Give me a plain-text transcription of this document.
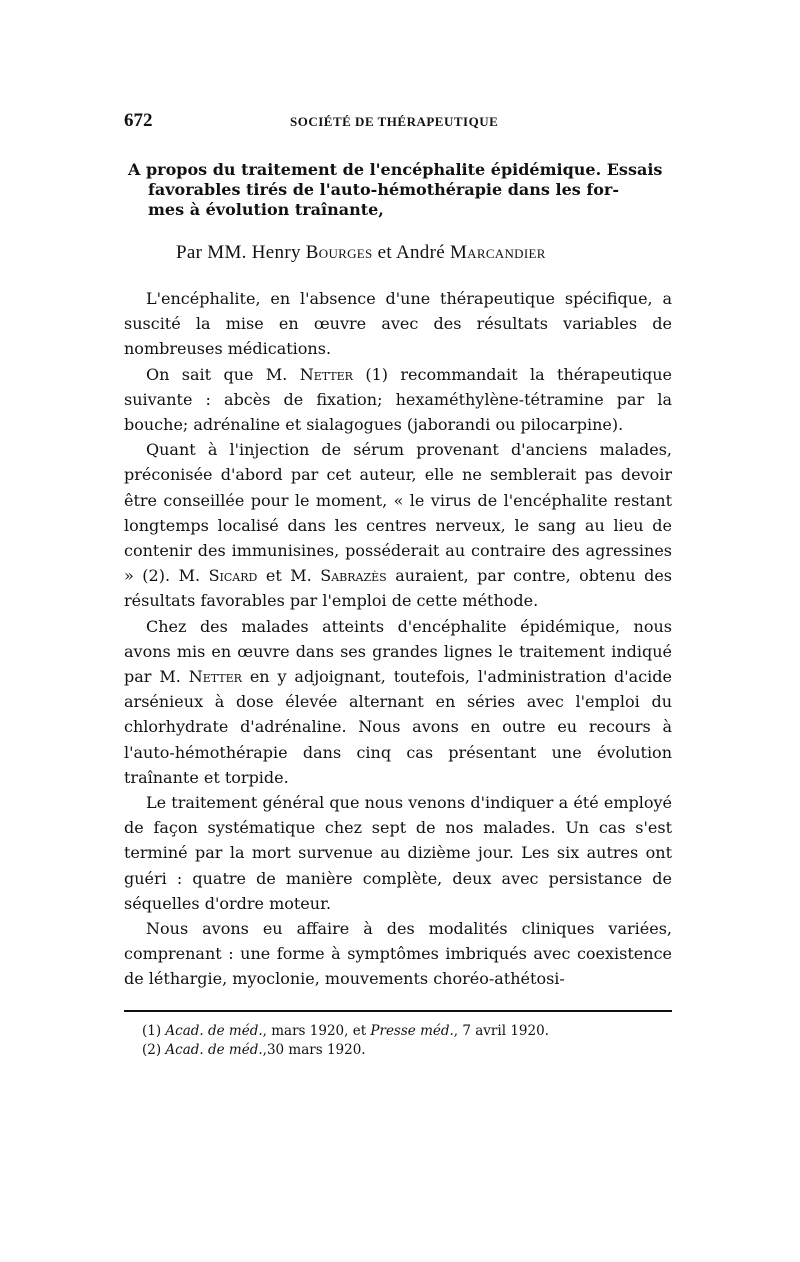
672	SOCIÉTÉ DE THÉRAPEUTIQUE
A propos du traitement de l'encéphalite épidémique. Essais
favorables tirés de l'auto-hémothérapie dans les for-
mes à évolution traînante,
Par MM. Henry Bourges et André Marcandier

L'encéphalite, en l'absence d'une thérapeutique spécifique, a suscité la mise en œuvre avec des résultats variables de nombreuses médications.

On sait que M. Netter (1) recommandait la thérapeutique suivante : abcès de fixation; hexaméthylène-tétramine par la bouche; adrénaline et sialagogues (jaborandi ou pilocarpine).

Quant à l'injection de sérum provenant d'anciens malades, préconisée d'abord par cet auteur, elle ne semblerait pas devoir être conseillée pour le moment, « le virus de l'encéphalite restant longtemps localisé dans les centres nerveux, le sang au lieu de contenir des immunisines, posséderait au contraire des agressines » (2). M. Sicard et M. Sabrazès auraient, par contre, obtenu des résultats favorables par l'emploi de cette méthode.

Chez des malades atteints d'encéphalite épidémique, nous avons mis en œuvre dans ses grandes lignes le traitement indiqué par M. Netter en y adjoignant, toutefois, l'administration d'acide arsénieux à dose élevée alternant en séries avec l'emploi du chlorhydrate d'adrénaline. Nous avons en outre eu recours à l'auto-hémothérapie dans cinq cas présentant une évolution traînante et torpide.

Le traitement général que nous venons d'indiquer a été employé de façon systématique chez sept de nos malades. Un cas s'est terminé par la mort survenue au dizième jour. Les six autres ont guéri : quatre de manière complète, deux avec persistance de séquelles d'ordre moteur.

Nous avons eu affaire à des modalités cliniques variées, comprenant : une forme à symptômes imbriqués avec coexistence de léthargie, myoclonie, mouvements choréo-athétosi-

(1) Acad. de méd., mars 1920, et Presse méd., 7 avril 1920.
(2) Acad. de méd.,30 mars 1920.
